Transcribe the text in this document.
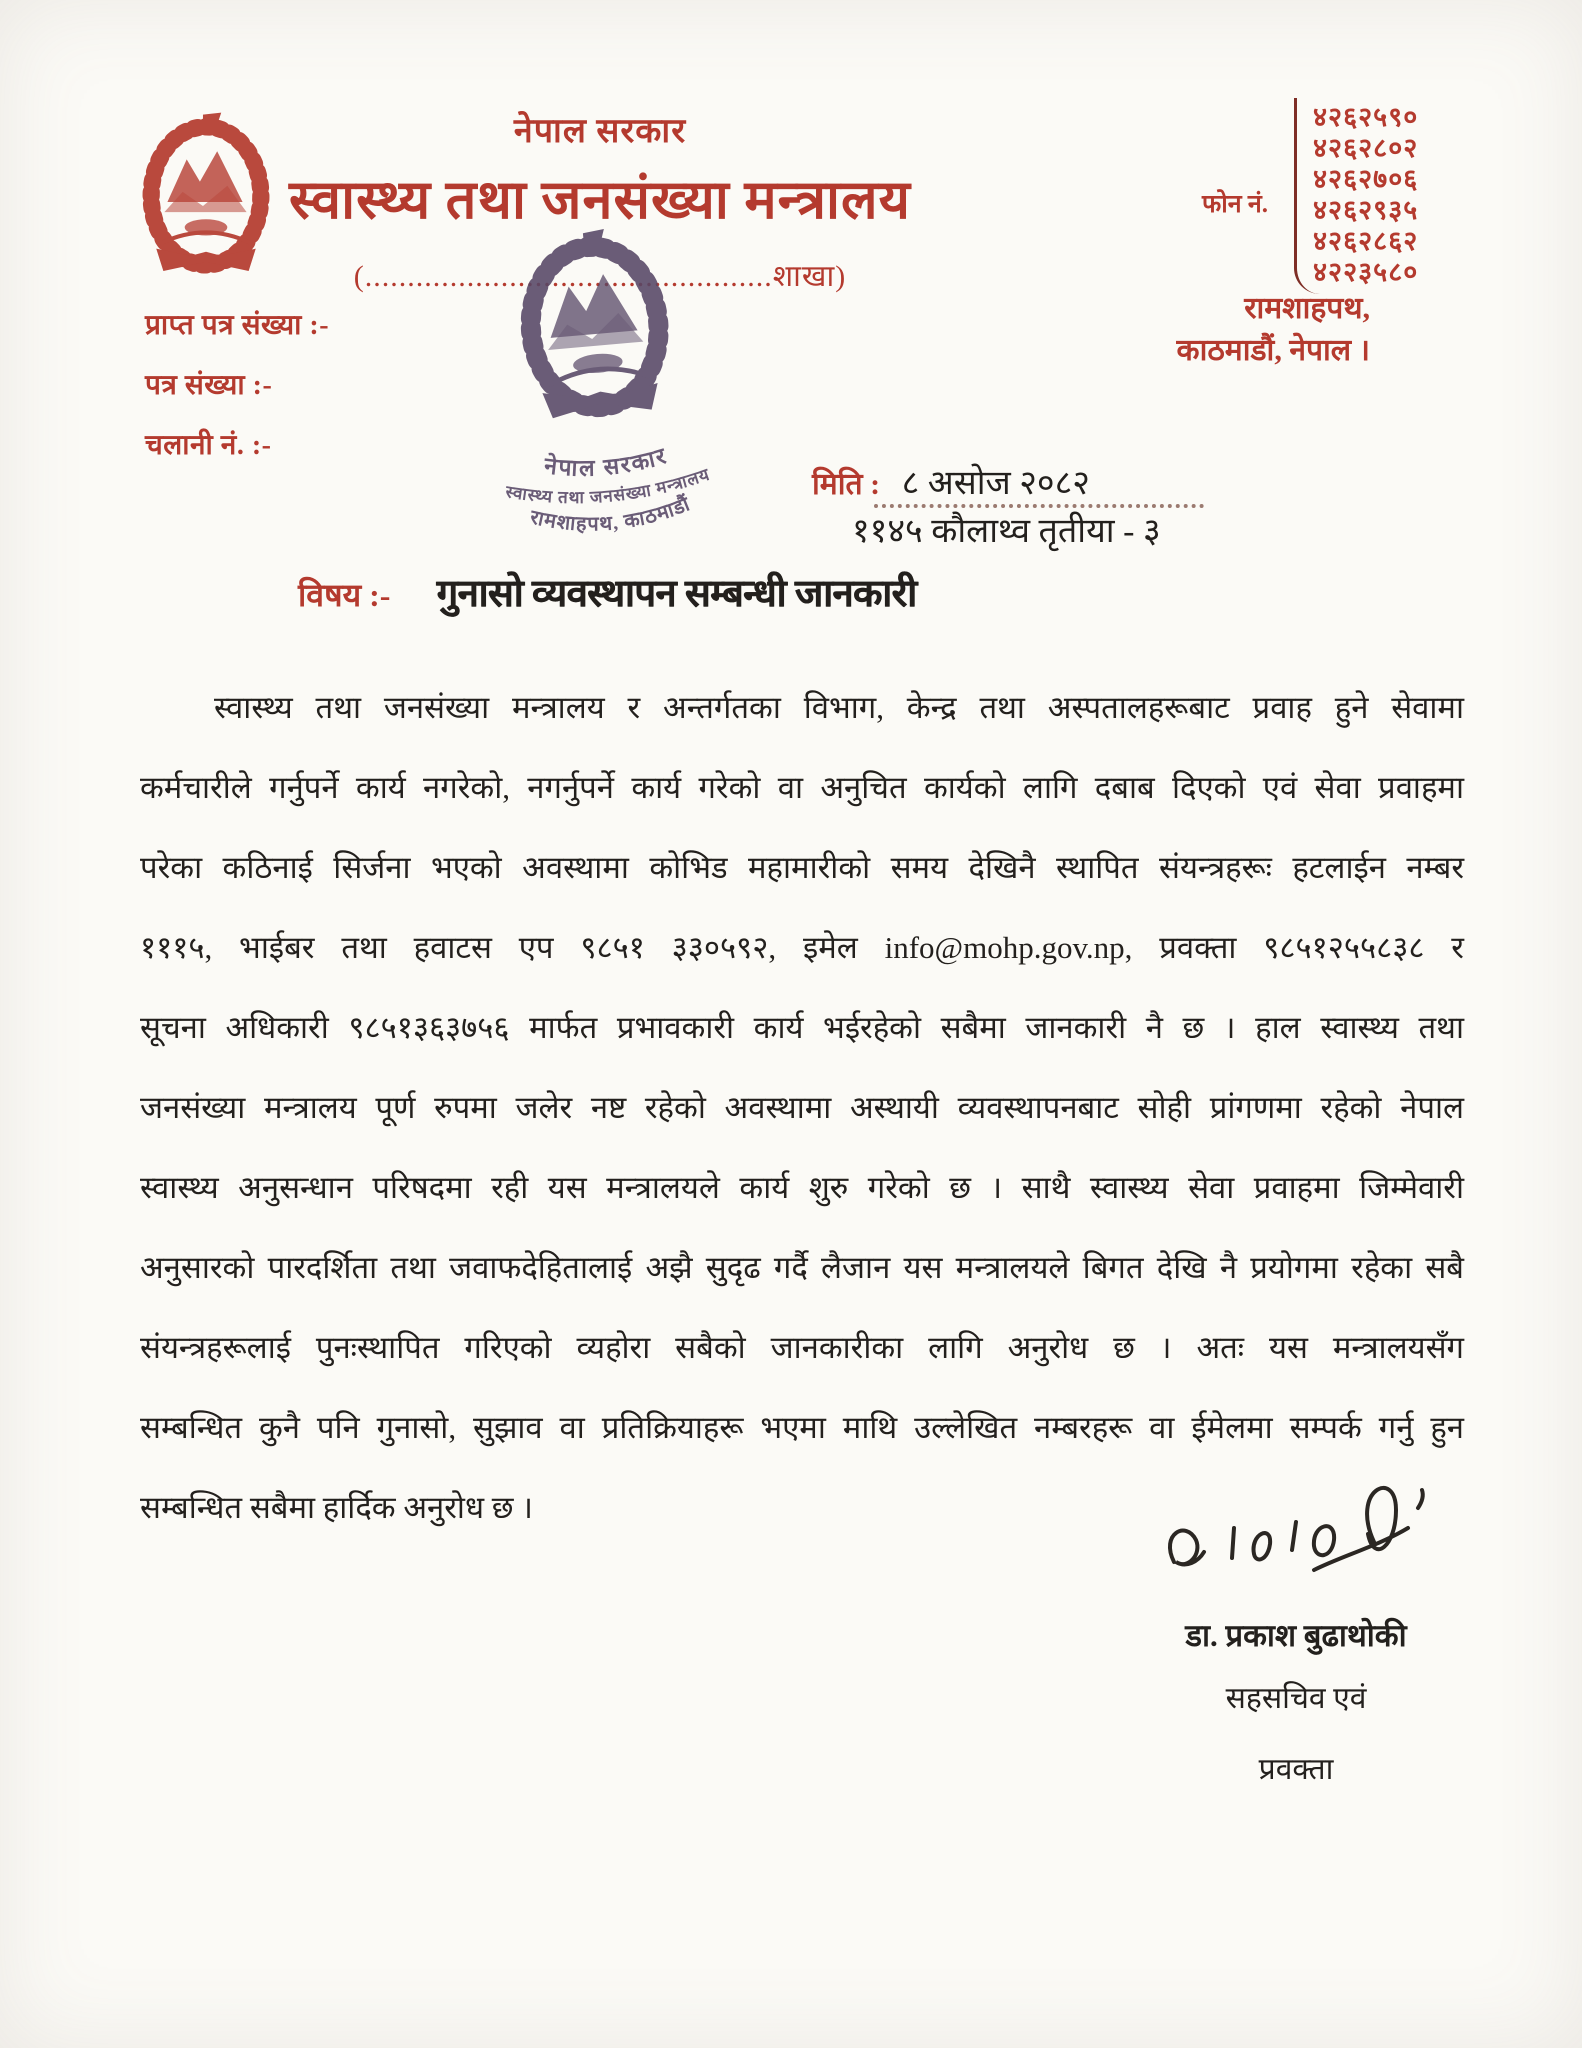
नेपाल सरकार
स्वास्थ्य तथा जनसंख्या मन्त्रालय
(................................................शाखा)
फोन नं.
४२६२५९०
४२६२८०२
४२६२७०६
४२६२९३५
४२६२८६२
४२२३५८०
रामशाहपथ,
काठमाडौं, नेपाल ।
प्राप्त पत्र संख्या :-
पत्र संख्या :-
चलानी नं. :-
नेपाल सरकार
स्वास्थ्य तथा जनसंख्या मन्त्रालय
रामशाहपथ, काठमाडौं
मिति : ८ असोज २०८२
११४५ कौलाथ्व तृतीया - ३
विषय :- गुनासो व्यवस्थापन सम्बन्धी जानकारी
स्वास्थ्य तथा जनसंख्या मन्त्रालय र अन्तर्गतका विभाग, केन्द्र तथा अस्पतालहरूबाट प्रवाह हुने सेवामा
कर्मचारीले गर्नुपर्ने कार्य नगरेको, नगर्नुपर्ने कार्य गरेको वा अनुचित कार्यको लागि दबाब दिएको एवं सेवा प्रवाहमा
परेका कठिनाई सिर्जना भएको अवस्थामा कोभिड महामारीको समय देखिनै स्थापित संयन्त्रहरूः हटलाईन नम्बर
१११५, भाईबर तथा हवाटस एप ९८५१ ३३०५९२, इमेल info@mohp.gov.np, प्रवक्ता ९८५१२५५८३८ र
सूचना अधिकारी ९८५१३६३७५६ मार्फत प्रभावकारी कार्य भईरहेको सबैमा जानकारी नै छ । हाल स्वास्थ्य तथा
जनसंख्या मन्त्रालय पूर्ण रुपमा जलेर नष्ट रहेको अवस्थामा अस्थायी व्यवस्थापनबाट सोही प्रांगणमा रहेको नेपाल
स्वास्थ्य अनुसन्धान परिषदमा रही यस मन्त्रालयले कार्य शुरु गरेको छ । साथै स्वास्थ्य सेवा प्रवाहमा जिम्मेवारी
अनुसारको पारदर्शिता तथा जवाफदेहितालाई अझै सुदृढ गर्दै लैजान यस मन्त्रालयले बिगत देखि नै प्रयोगमा रहेका सबै
संयन्त्रहरूलाई पुनःस्थापित गरिएको व्यहोरा सबैको जानकारीका लागि अनुरोध छ । अतः यस मन्त्रालयसँग
सम्बन्धित कुनै पनि गुनासो, सुझाव वा प्रतिक्रियाहरू भएमा माथि उल्लेखित नम्बरहरू वा ईमेलमा सम्पर्क गर्नु हुन
सम्बन्धित सबैमा हार्दिक अनुरोध छ ।
डा. प्रकाश बुढाथोकी
सहसचिव एवं
प्रवक्ता
